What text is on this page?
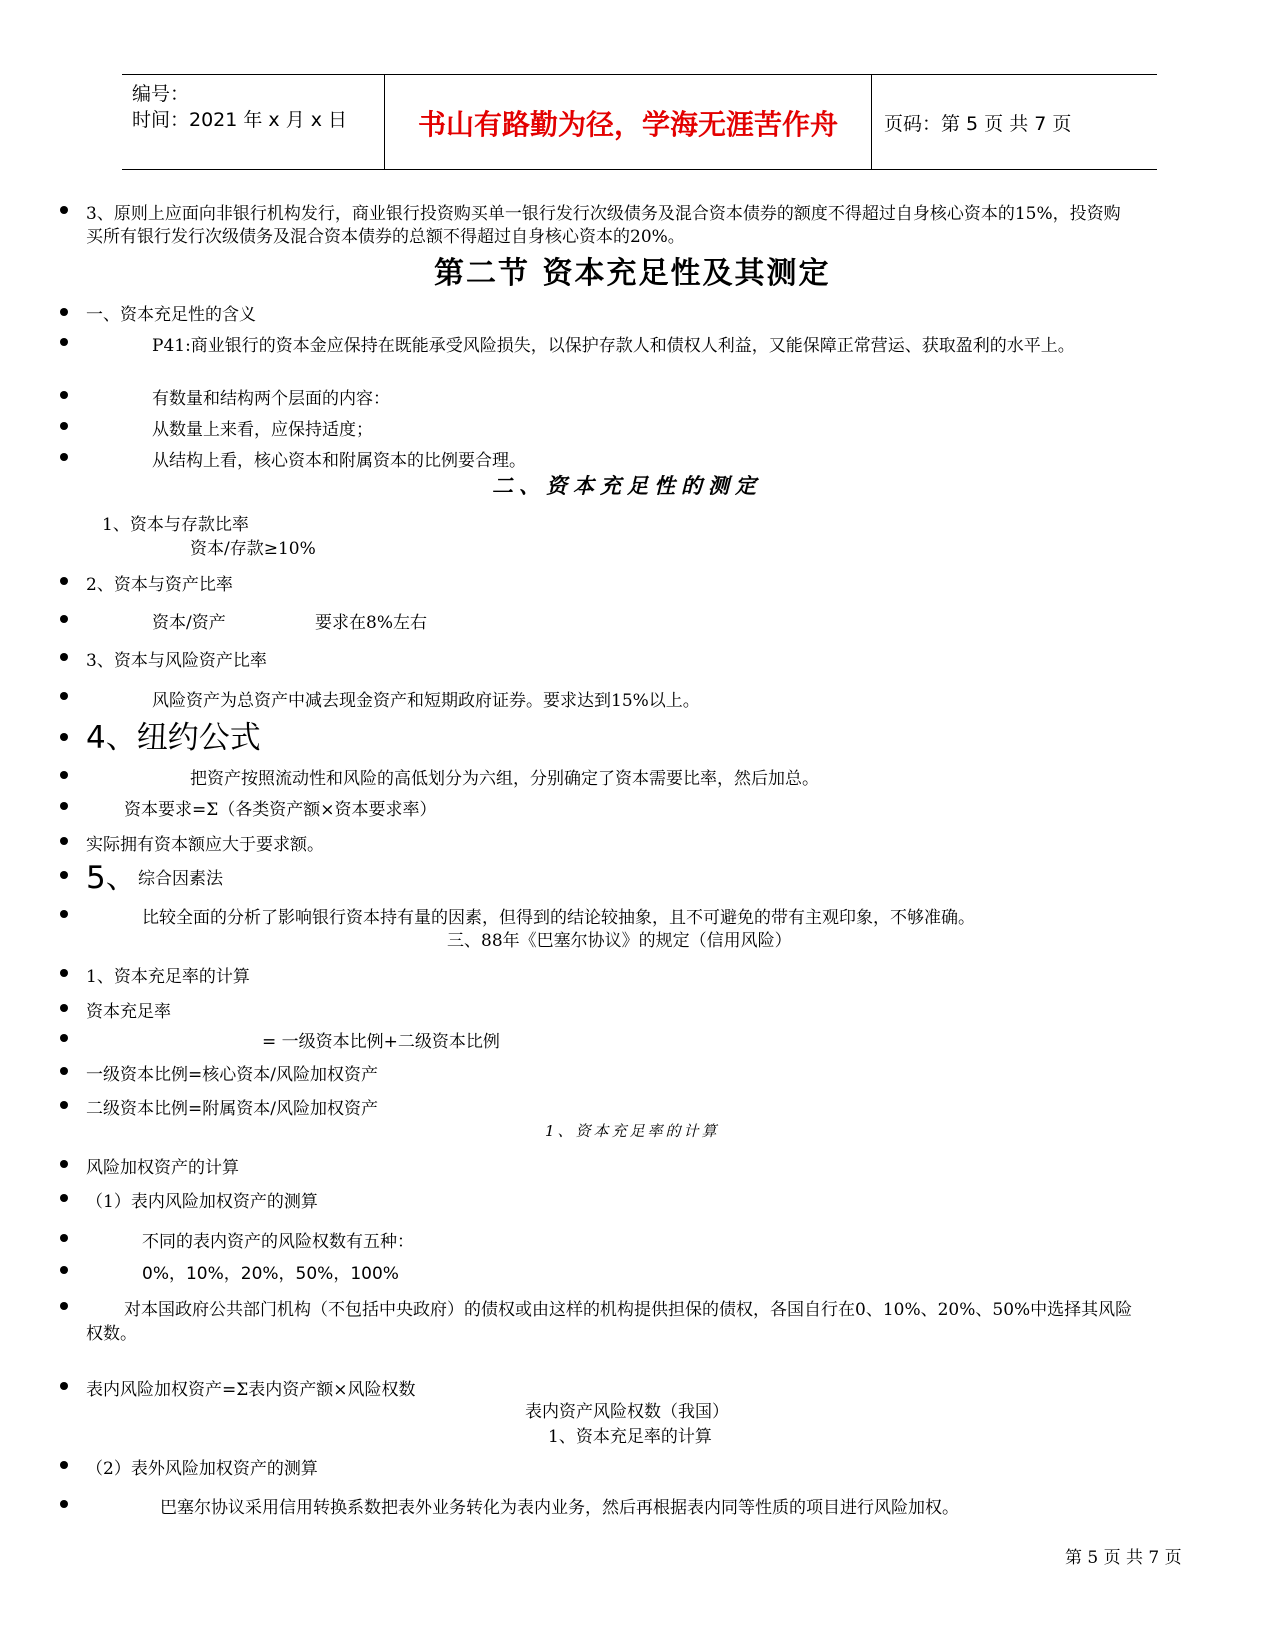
编号：
时间：2021 年 x 月 x 日	书山有路勤为径，学海无涯苦作舟	页码：第 5 页 共 7 页
3、原则上应面向非银行机构发行，商业银行投资购买单一银行发行次级债务及混合资本债券的额度不得超过自身核心资本的15%，投资购
买所有银行发行次级债务及混合资本债券的总额不得超过自身核心资本的20%。
第二节 资本充足性及其测定
一、资本充足性的含义
P41:商业银行的资本金应保持在既能承受风险损失，以保护存款人和债权人利益，又能保障正常营运、获取盈利的水平上。
有数量和结构两个层面的内容：
从数量上来看，应保持适度；
从结构上看，核心资本和附属资本的比例要合理。
二、资本充足性的测定
1、资本与存款比率
资本/存款≥10%
2、资本与资产比率
资本/资产	要求在8%左右
3、资本与风险资产比率
风险资产为总资产中减去现金资产和短期政府证券。要求达到15%以上。
4、纽约公式
把资产按照流动性和风险的高低划分为六组，分别确定了资本需要比率，然后加总。
资本要求=Σ（各类资产额×资本要求率）
实际拥有资本额应大于要求额。
5、 综合因素法
比较全面的分析了影响银行资本持有量的因素，但得到的结论较抽象，且不可避免的带有主观印象，不够准确。
三、88年《巴塞尔协议》的规定（信用风险）
1、资本充足率的计算
资本充足率
= 一级资本比例+二级资本比例
一级资本比例=核心资本/风险加权资产
二级资本比例=附属资本/风险加权资产
1、资本充足率的计算
风险加权资产的计算
（1）表内风险加权资产的测算
不同的表内资产的风险权数有五种：
0%，10%，20%，50%，100%
对本国政府公共部门机构（不包括中央政府）的债权或由这样的机构提供担保的债权，各国自行在0、10%、20%、50%中选择其风险
权数。
表内风险加权资产=Σ表内资产额×风险权数
表内资产风险权数（我国）
1、资本充足率的计算
（2）表外风险加权资产的测算
巴塞尔协议采用信用转换系数把表外业务转化为表内业务，然后再根据表内同等性质的项目进行风险加权。
第 5 页 共 7 页
